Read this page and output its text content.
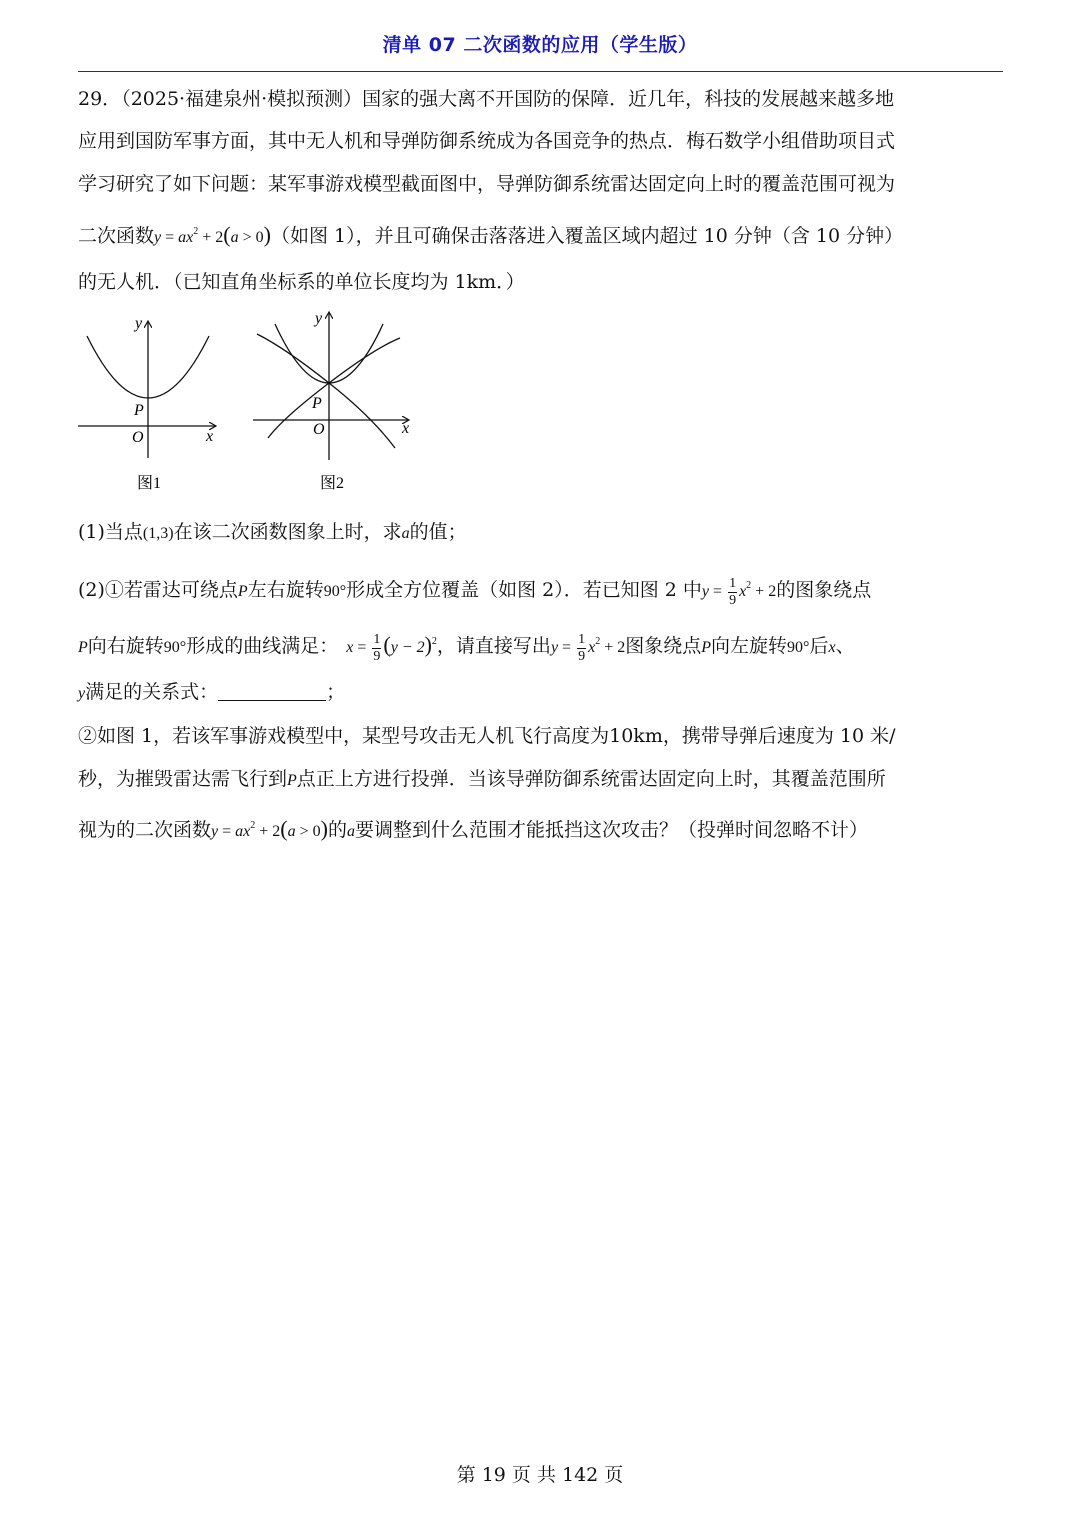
清单 07 二次函数的应用（学生版）
29．（2025·福建泉州·模拟预测）国家的强大离不开国防的保障．近几年，科技的发展越来越多地
应用到国防军事方面，其中无人机和导弹防御系统成为各国竞争的热点．梅石数学小组借助项目式
学习研究了如下问题：某军事游戏模型截面图中，导弹防御系统雷达固定向上时的覆盖范围可视为
二次函数$y = ax^2 + 2(a > 0)$（如图 1），并且可确保击落落进入覆盖区域内超过 10 分钟（含 10 分钟）
的无人机．（已知直角坐标系的单位长度均为 1km．）
y
x
P
O
图1
y
x
P
O
图2
(1)当点(1,3)在该二次函数图象上时，求a的值；
(2)①若雷达可绕点P左右旋转90°形成全方位覆盖（如图 2）．若已知图 2 中$y = \frac{1}{9} x^2 + 2$的图象绕点
P向右旋转90°形成的曲线满足： $x = \frac{1}{9} (y - 2)^2$，请直接写出$y = \frac{1}{9} x^2 + 2$图象绕点P向左旋转90°后x、
y满足的关系式：	；
②如图 1，若该军事游戏模型中，某型号攻击无人机飞行高度为10km，携带导弹后速度为 10 米/
秒，为摧毁雷达需飞行到P点正上方进行投弹．当该导弹防御系统雷达固定向上时，其覆盖范围所
视为的二次函数$y = ax^2 + 2(a > 0)$的a要调整到什么范围才能抵挡这次攻击？（投弹时间忽略不计）
第 19 页 共 142 页
